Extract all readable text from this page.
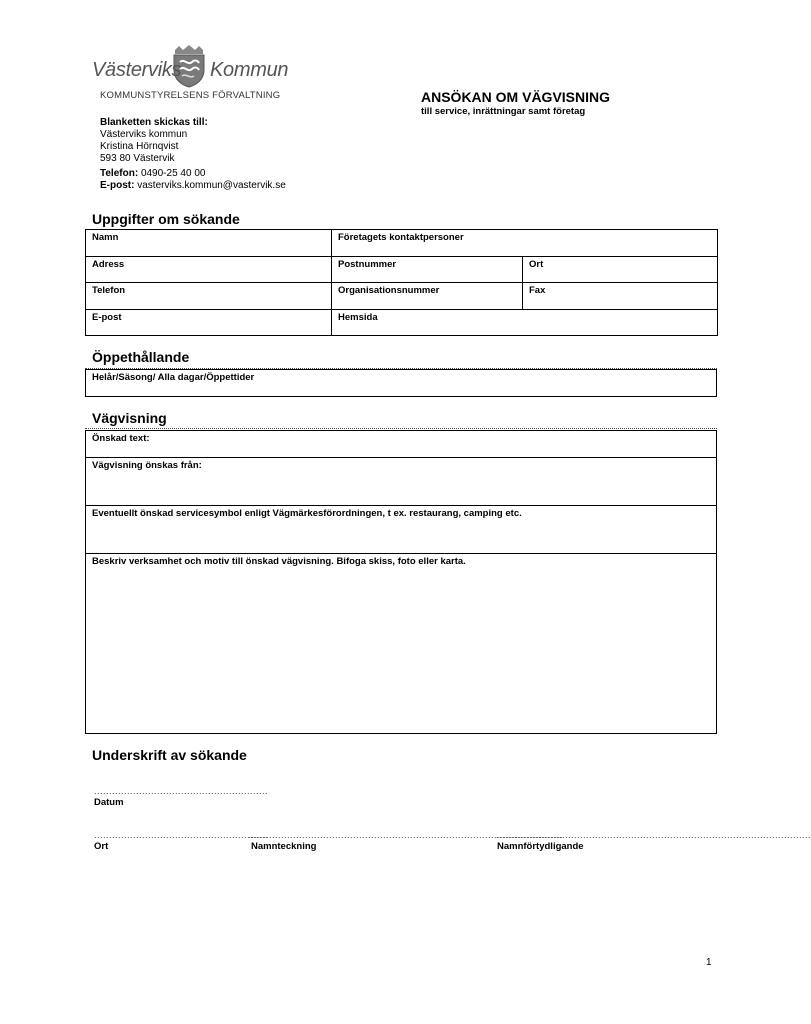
Västerviks Kommun
KOMMUNSTYRELSENS FÖRVALTNING	ANSÖKAN OM VÄGVISNING
till service, inrättningar samt företag
Blanketten skickas till:
Västerviks kommun
Kristina Hörnqvist
593 80 Västervik
Telefon: 0490-25 40 00
E-post: vasterviks.kommun@vastervik.se
Uppgifter om sökande
Namn	Företagets kontaktpersoner	
Adress	Postnummer	Ort
Telefon	Organisationsnummer	Fax
E-post	Hemsida	
Öppethållande
Helår/Säsong/ Alla dagar/Öppettider
Vägvisning
Önskad text:
Vägvisning önskas från:
Eventuellt önskad servicesymbol enligt Vägmärkesförordningen, t ex. restaurang, camping etc.
Beskriv verksamhet och motiv till önskad vägvisning. Bifoga skiss, foto eller karta.
Underskrift av sökande
..........................................................
Datum
..........................................................
Ort
.........................................................................................................
Namnteckning
.........................................................................................................
Namnförtydligande
1
